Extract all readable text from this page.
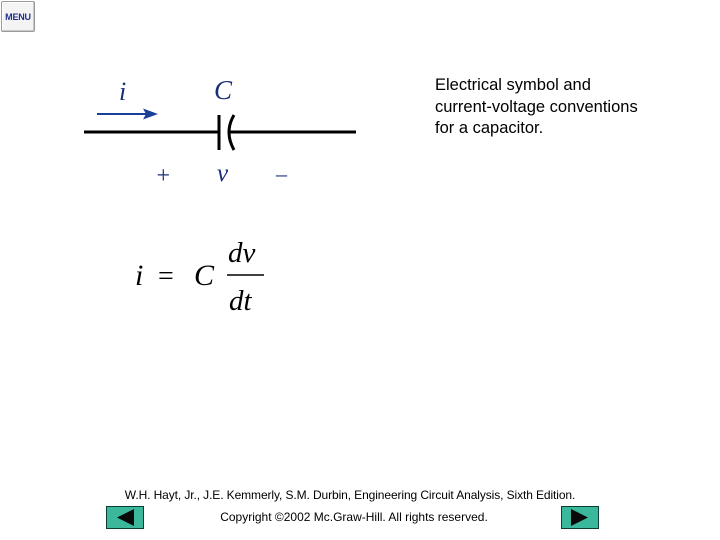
MENU
i	C
+ v –
i = C
dv
dt

Electrical symbol and current-voltage conventions for a capacitor.

W.H. Hayt, Jr., J.E. Kemmerly, S.M. Durbin, Engineering Circuit Analysis, Sixth Edition.

Copyright ©2002 Mc.Graw-Hill. All rights reserved.
